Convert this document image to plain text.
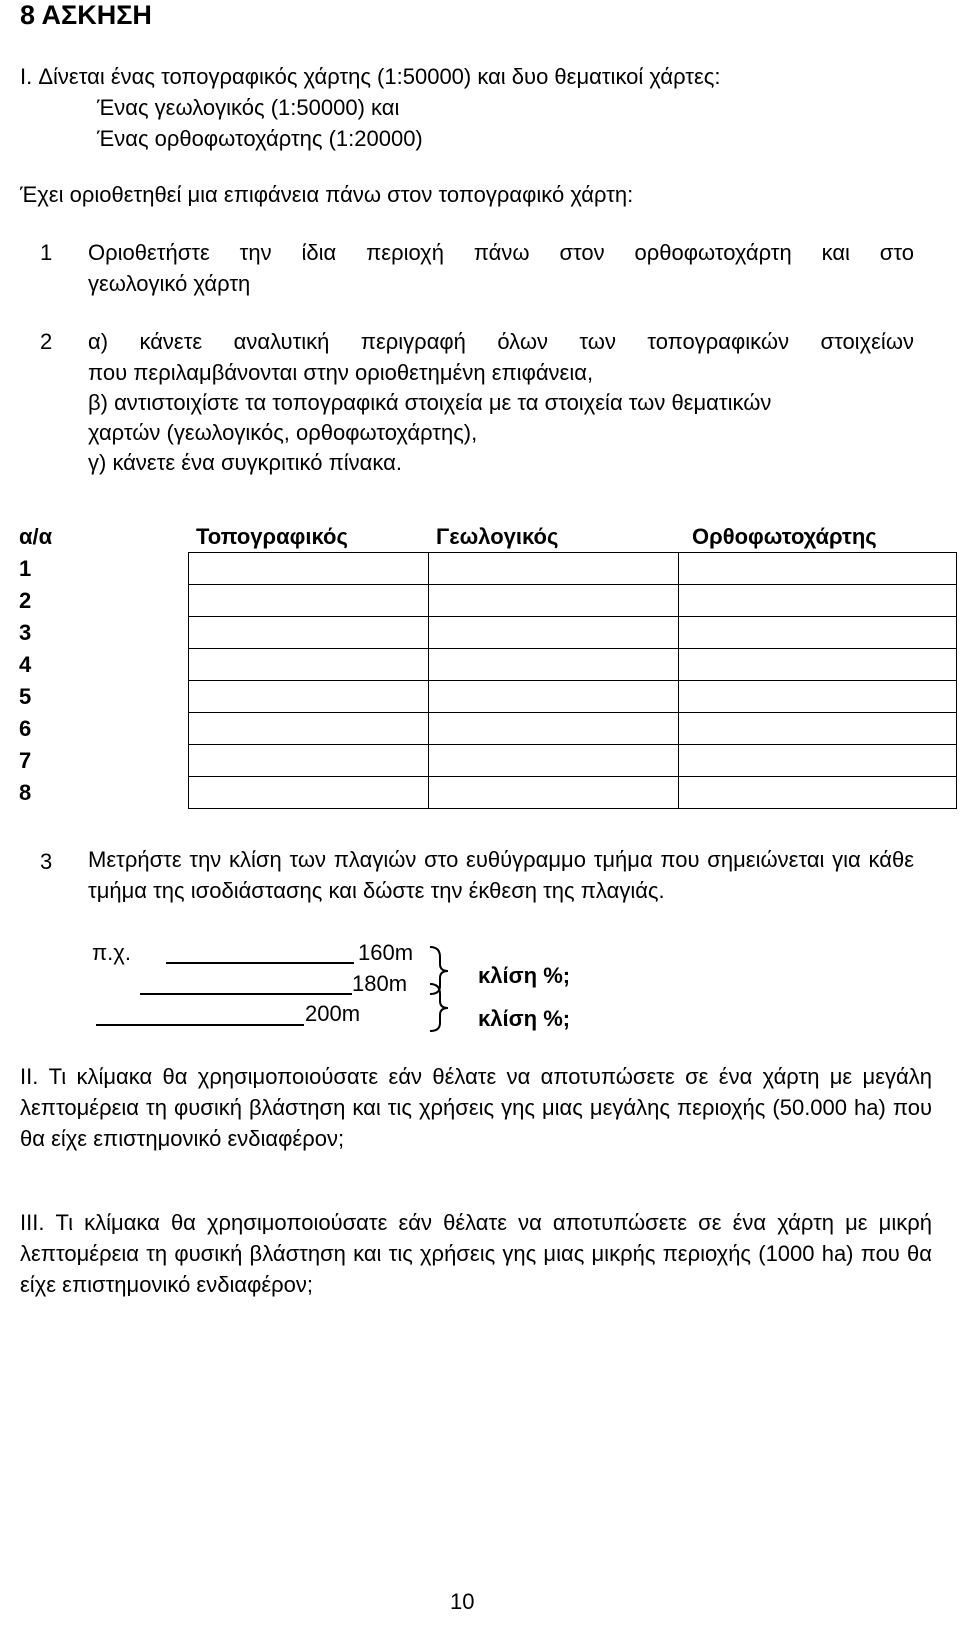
8 ΑΣΚΗΣΗ
I. Δίνεται ένας τοπογραφικός χάρτης (1:50000) και δυο θεματικοί χάρτες:
Ένας γεωλογικός (1:50000) και
Ένας ορθοφωτοχάρτης (1:20000)
Έχει οριοθετηθεί μια επιφάνεια πάνω στον τοπογραφικό χάρτη:
1 Οριοθετήστε την ίδια περιοχή πάνω στον ορθοφωτοχάρτη και στο
γεωλογικό χάρτη
2 α) κάνετε αναλυτική περιγραφή όλων των τοπογραφικών στοιχείων
που περιλαμβάνονται στην οριοθετημένη επιφάνεια,
β) αντιστοιχίστε τα τοπογραφικά στοιχεία με τα στοιχεία των θεματικών
χαρτών (γεωλογικός, ορθοφωτοχάρτης),
γ) κάνετε ένα συγκριτικό πίνακα.
α/α	Τοπογραφικός	Γεωλογικός	Ορθοφωτοχάρτης
1			
2			
3			
4			
5			
6			
7			
8			
3 Μετρήστε την κλίση των πλαγιών στο ευθύγραμμο τμήμα που σημειώνεται για κάθε τμήμα της ισοδιάστασης και δώστε την έκθεση της πλαγιάς.
π.χ.	160m
180m
200m
κλίση %;
κλίση %;
II. Τι κλίμακα θα χρησιμοποιούσατε εάν θέλατε να αποτυπώσετε σε ένα χάρτη με μεγάλη λεπτομέρεια τη φυσική βλάστηση και τις χρήσεις γης μιας μεγάλης περιοχής (50.000 ha) που θα είχε επιστημονικό ενδιαφέρον;
III. Τι κλίμακα θα χρησιμοποιούσατε εάν θέλατε να αποτυπώσετε σε ένα χάρτη με μικρή λεπτομέρεια τη φυσική βλάστηση και τις χρήσεις γης μιας μικρής περιοχής (1000 ha) που θα είχε επιστημονικό ενδιαφέρον;
10
